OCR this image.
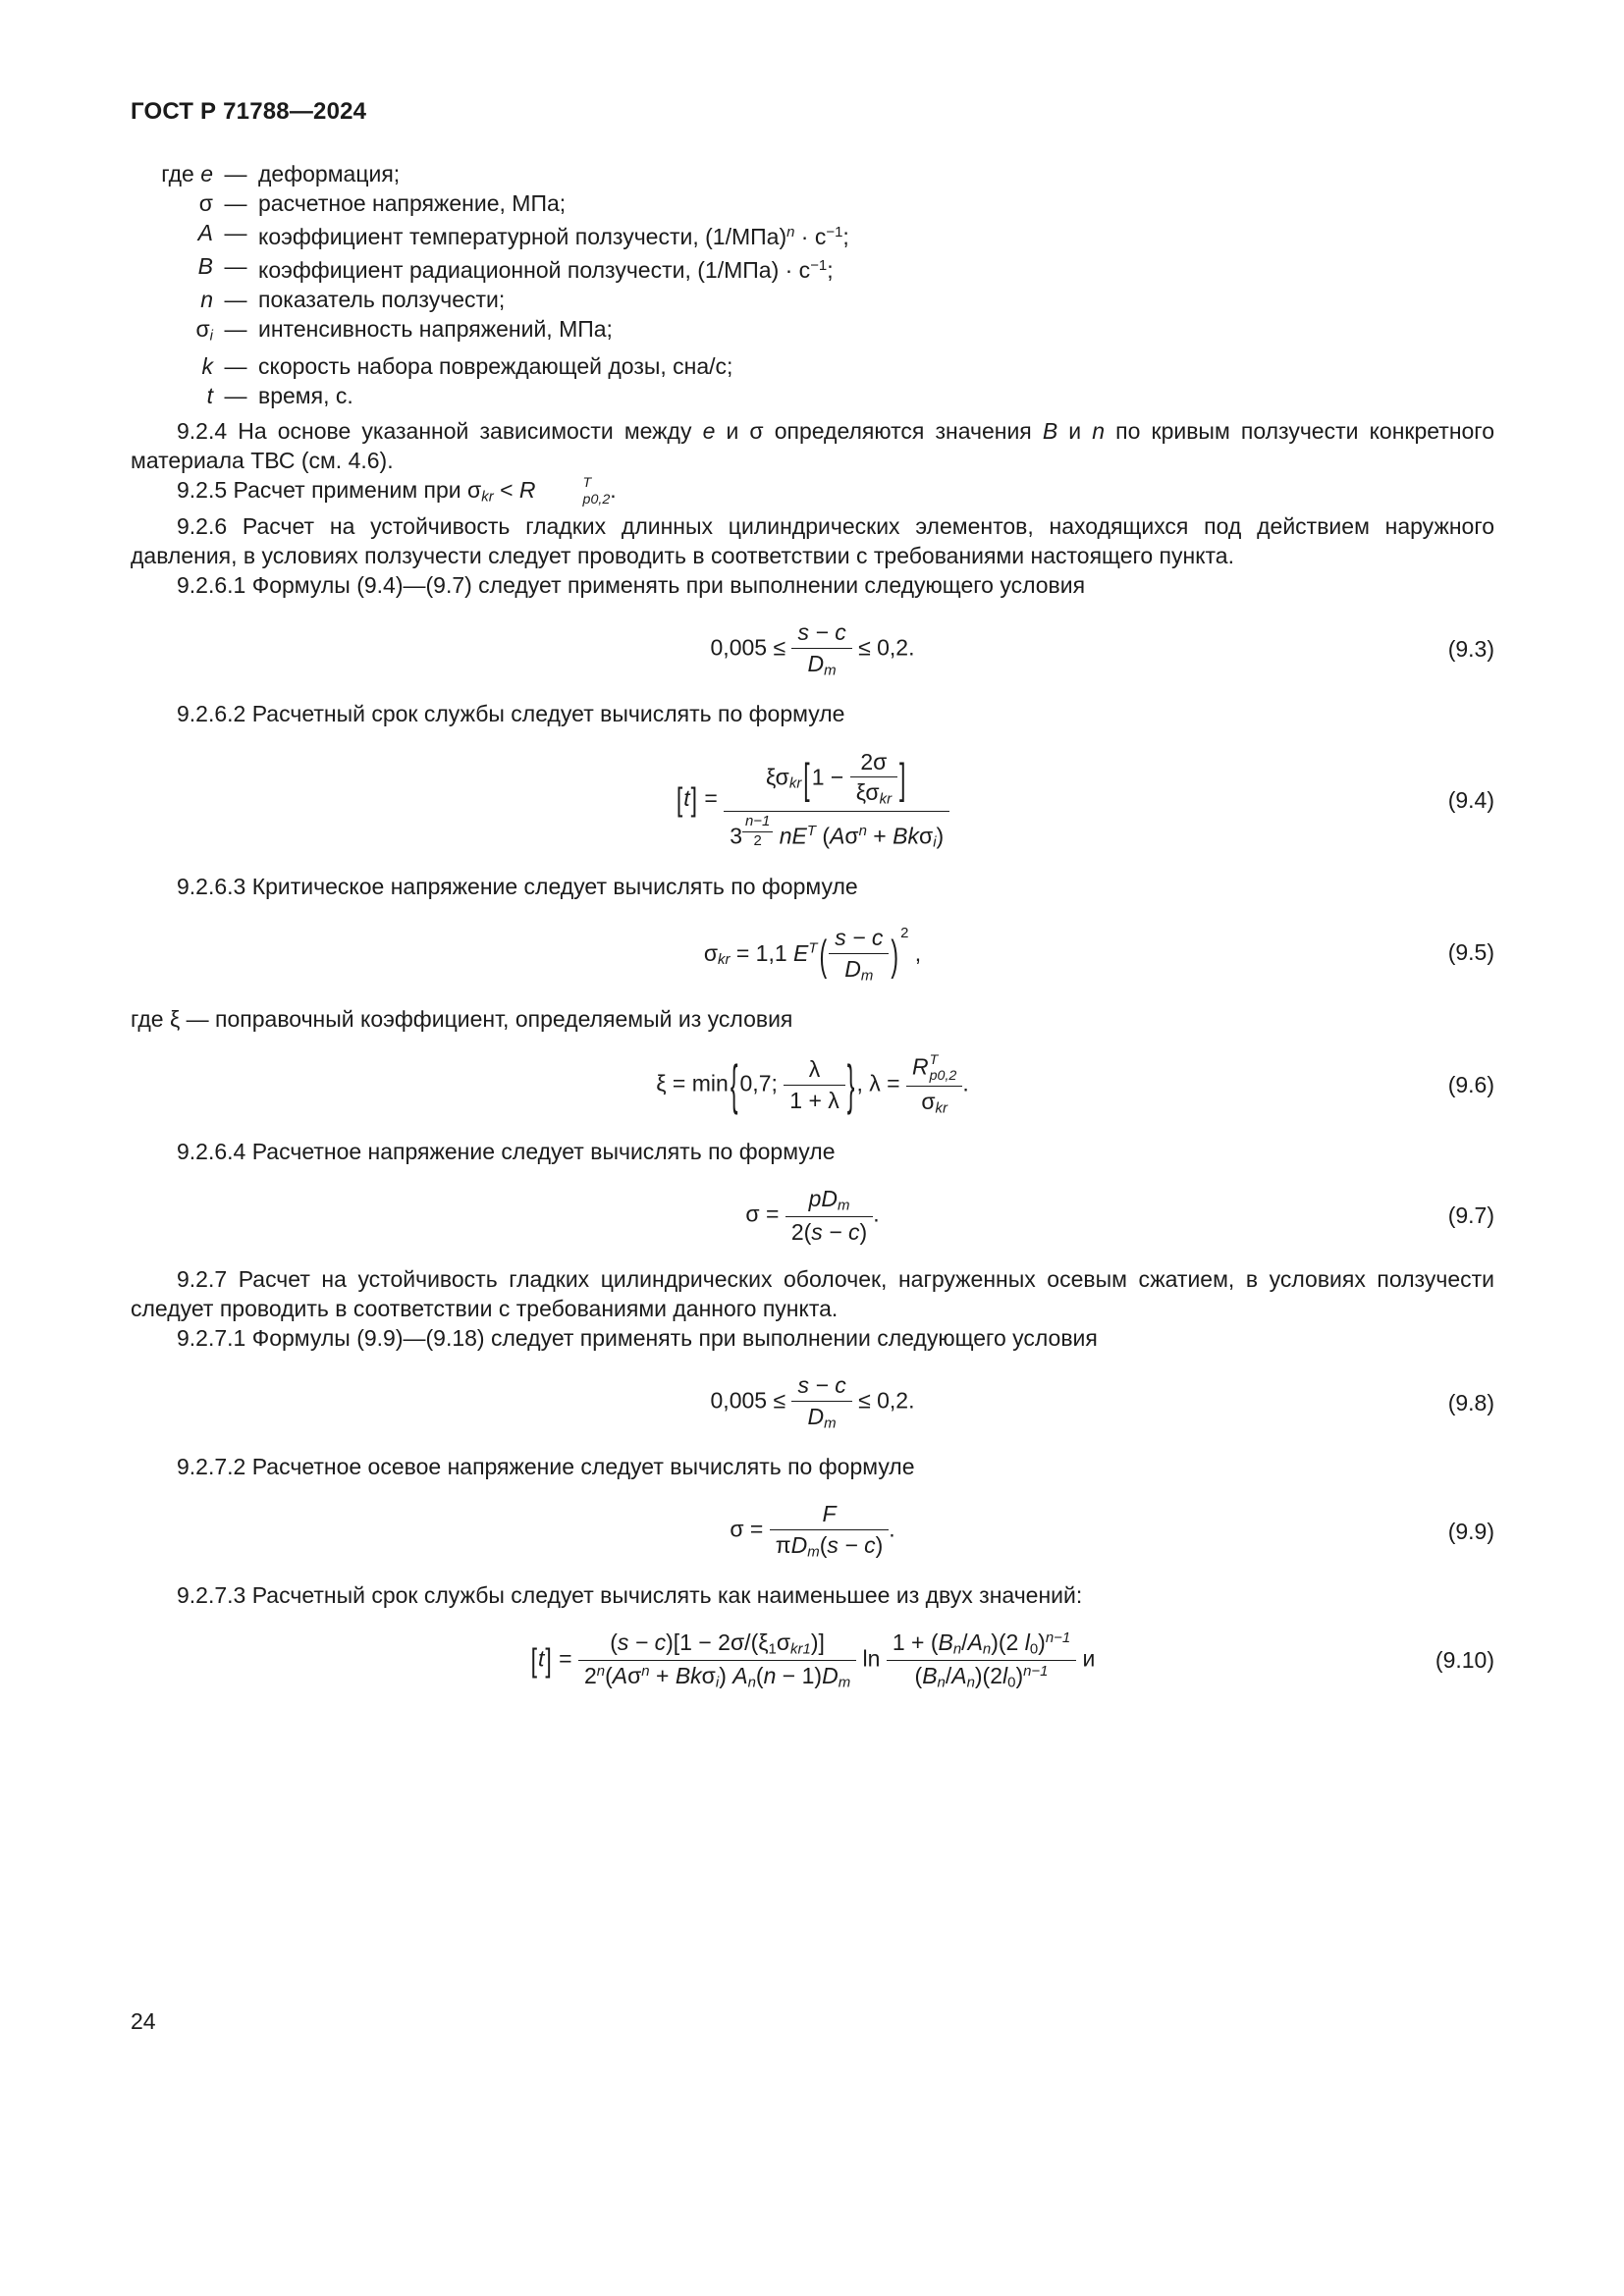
ГОСТ Р 71788—2024
где e — деформация;
σ — расчетное напряжение, МПа;
A — коэффициент температурной ползучести, $(1/МПа)^n \cdot с^{-1}$;
B — коэффициент радиационной ползучести, $(1/МПа) \cdot с^{-1}$;
n — показатель ползучести;
σi — интенсивность напряжений, МПа;
k — скорость набора повреждающей дозы, сна/с;
t — время, с.

9.2.4 На основе указанной зависимости между e и σ определяются значения B и n по кривым ползучести конкретного материала ТВС (см. 4.6).

9.2.5 Расчет применим при σkr < R	T
p0,2 .

9.2.6 Расчет на устойчивость гладких длинных цилиндрических элементов, находящихся под действием наружного давления, в условиях ползучести следует проводить в соответствии с требованиями настоящего пункта.

9.2.6.1 Формулы (9.4)—(9.7) следует применять при выполнении следующего условия

$0,005 \le \frac{s - c}{Dm} \le 0,2$.	(9.3)

9.2.6.2 Расчетный срок службы следует вычислять по формуле

$[t] = \xi\sigma kr[1 - \frac{2\sigma}{\text{ξσkr}}$ ]
3 $^{\frac{n-1}{2}}$ $nE^T$ $(A\sigma^n + Bk\sigma i)$	(9.4)

9.2.6.3 Критическое напряжение следует вычислять по формуле

σkr = 1,1 $E^T( \frac{s - c}{Dm}$ ) $^2$ ,	(9.5)

где ξ — поправочный коэффициент, определяемый из условия

ξ = min{0,7; $\frac{\lambda}{1 + \lambda}$ }, λ = R T
p0,2
σkr .	(9.6)

9.2.6.4 Расчетное напряжение следует вычислять по формуле

$\sigma = \frac{\text{pDm}}{2(s - c)}$ .	(9.7)

9.2.7 Расчет на устойчивость гладких цилиндрических оболочек, нагруженных осевым сжатием, в условиях ползучести следует проводить в соответствии с требованиями данного пункта.

9.2.7.1 Формулы (9.9)—(9.18) следует применять при выполнении следующего условия

$0,005 \le \frac{s - c}{Dm} \le 0,2$.	(9.8)

9.2.7.2 Расчетное осевое напряжение следует вычислять по формуле

$\sigma = \frac{F}{\text{πDm(s − c)}}$ .	(9.9)

9.2.7.3 Расчетный срок службы следует вычислять как наименьшее из двух значений:

$[t] = \frac{\text{(s − c)[1 − 2σ/(ξ1σkr1)]}}{2^n(A\sigma^n + Bk\sigma i) An(n - 1)Dm}$ $\ln \frac{1 + (Bn/An)(2 l0)^{n-1}}{(Bn/An)(2l0)^{n-1}}$ и	(9.10)
24
